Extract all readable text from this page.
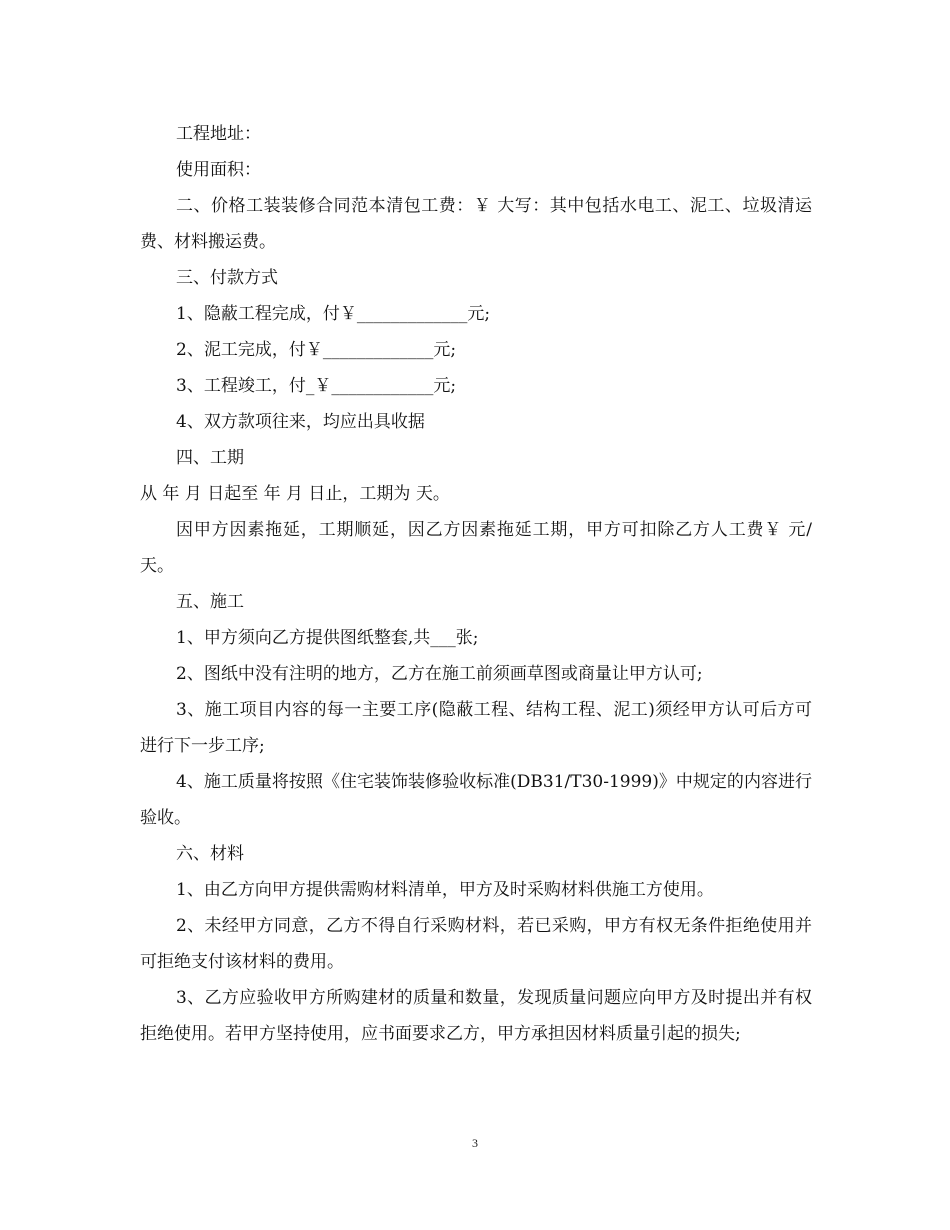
工程地址：

使用面积：

二、价格工装装修合同范本清包工费：￥ 大写：其中包括水电工、泥工、垃圾清运费、材料搬运费。

三、付款方式

1、隐蔽工程完成，付￥_____________元;

2、泥工完成，付￥_____________元;

3、工程竣工，付_￥____________元;

4、双方款项往来，均应出具收据

四、工期

从 年 月 日起至 年 月 日止，工期为 天。

因甲方因素拖延，工期顺延，因乙方因素拖延工期，甲方可扣除乙方人工费￥ 元/天。

五、施工

1、甲方须向乙方提供图纸整套,共___张;

2、图纸中没有注明的地方，乙方在施工前须画草图或商量让甲方认可;

3、施工项目内容的每一主要工序(隐蔽工程、结构工程、泥工)须经甲方认可后方可进行下一步工序;

4、施工质量将按照《住宅装饰装修验收标准(DB31/T30-1999)》中规定的内容进行验收。

六、材料

1、由乙方向甲方提供需购材料清单，甲方及时采购材料供施工方使用。

2、未经甲方同意，乙方不得自行采购材料，若已采购，甲方有权无条件拒绝使用并可拒绝支付该材料的费用。

3、乙方应验收甲方所购建材的质量和数量，发现质量问题应向甲方及时提出并有权拒绝使用。若甲方坚持使用，应书面要求乙方，甲方承担因材料质量引起的损失;

3
